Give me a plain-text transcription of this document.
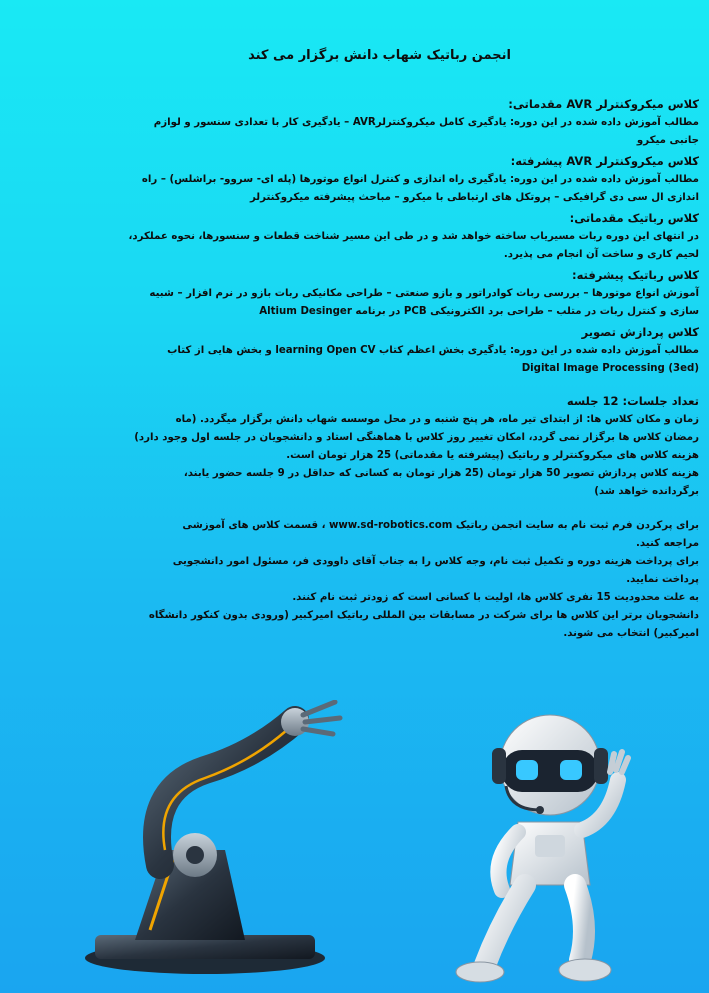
انجمن رباتیک شهاب دانش برگزار می کند
کلاس میکروکنترلر AVR مقدماتی:
مطالب آموزش داده شده در این دوره: یادگیری کامل میکروکنترلرAVR – یادگیری کار با تعدادی سنسور و لوازم
جانبی میکرو
کلاس میکروکنترلر AVR پیشرفته:
مطالب آموزش داده شده در این دوره: یادگیری راه اندازی و کنترل انواع موتورها (پله ای- سروو- براشلس) – راه
اندازی ال سی دی گرافیکی – پروتکل های ارتباطی با میکرو – مباحث پیشرفته میکروکنترلر
کلاس رباتیک مقدماتی:
در انتهای این دوره ربات مسیریاب ساخته خواهد شد و در طی این مسیر شناخت قطعات و سنسورها، نحوه عملکرد،
لحیم کاری و ساخت آن انجام می پذیرد.
کلاس رباتیک پیشرفته:
آموزش انواع موتورها – بررسی ربات کوادراتور و بازو صنعتی – طراحی مکانیکی ربات بازو در نرم افزار – شبیه
سازی و کنترل ربات در متلب – طراحی برد الکترونیکی PCB در برنامه Altium Desinger
کلاس پردازش تصویر
مطالب آموزش داده شده در این دوره: یادگیری بخش اعظم کتاب learning Open CV و بخش هایی از کتاب
Digital Image Processing (3ed)
تعداد جلسات: 12 جلسه
زمان و مکان کلاس ها: از ابتدای تیر ماه، هر پنج شنبه و در محل موسسه شهاب دانش برگزار میگردد. (ماه
رمضان کلاس ها برگزار نمی گردد، امکان تغییر روز کلاس با هماهنگی استاد و دانشجویان در جلسه اول وجود دارد)
هزینه کلاس های میکروکنترلر و رباتیک (پیشرفته یا مقدماتی) 25 هزار تومان است.
هزینه کلاس پردازش تصویر 50 هزار تومان (25 هزار تومان به کسانی که حداقل در 9 جلسه حضور یابند،
برگردانده خواهد شد)
برای پرکردن فرم ثبت نام به سایت انجمن رباتیک www.sd-robotics.com ، قسمت کلاس های آموزشی
مراجعه کنید.
برای پرداخت هزینه دوره و تکمیل ثبت نام، وجه کلاس را به جناب آقای داوودی فر، مسئول امور دانشجویی
پرداخت نمایید.
به علت محدودیت 15 نفری کلاس ها، اولیت با کسانی است که زودتر ثبت نام کنند.
دانشجویان برتر این کلاس ها برای شرکت در مسابقات بین المللی رباتیک امیرکبیر (ورودی بدون کنکور دانشگاه
امیرکبیر) انتخاب می شوند.
